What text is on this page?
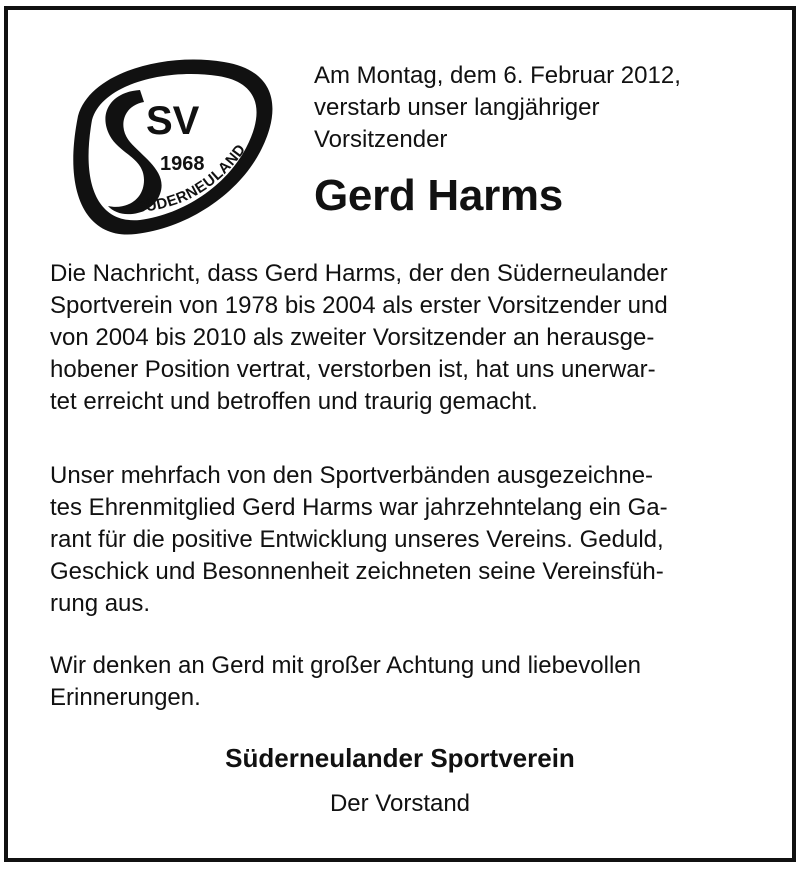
SV
1968
SÜDERNEULAND
Am Montag, dem 6. Februar 2012,
verstarb unser langjähriger
Vorsitzender
Gerd Harms
Die Nachricht, dass Gerd Harms, der den Süderneulander
Sportverein von 1978 bis 2004 als erster Vorsitzender und
von 2004 bis 2010 als zweiter Vorsitzender an herausge-
hobener Position vertrat, verstorben ist, hat uns unerwar-
tet erreicht und betroffen und traurig gemacht.
Unser mehrfach von den Sportverbänden ausgezeichne-
tes Ehrenmitglied Gerd Harms war jahrzehntelang ein Ga-
rant für die positive Entwicklung unseres Vereins. Geduld,
Geschick und Besonnenheit zeichneten seine Vereinsfüh-
rung aus.
Wir denken an Gerd mit großer Achtung und liebevollen
Erinnerungen.
Süderneulander Sportverein
Der Vorstand
